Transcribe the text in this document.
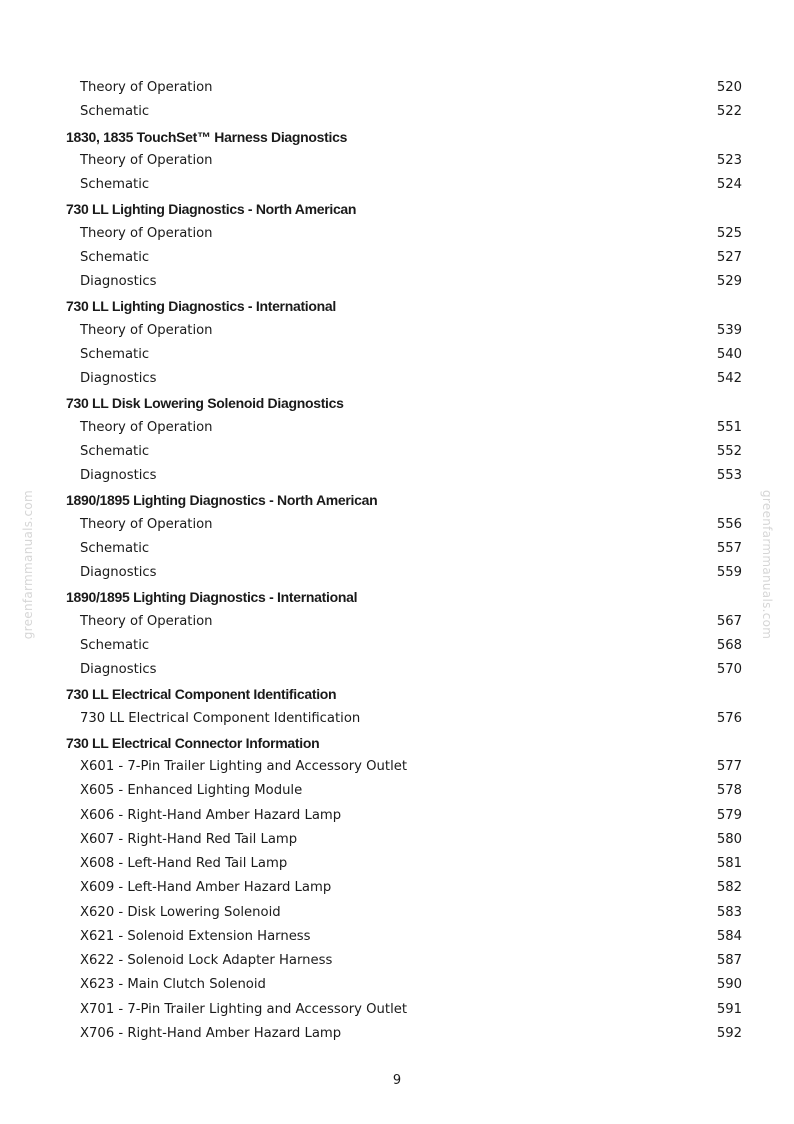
greenfarmmanuals.com	greenfarmmanuals.com
Theory of Operation	520
Schematic	522
1830, 1835 TouchSet™ Harness Diagnostics
Theory of Operation	523
Schematic	524
730 LL Lighting Diagnostics - North American
Theory of Operation	525
Schematic	527
Diagnostics	529
730 LL Lighting Diagnostics - International
Theory of Operation	539
Schematic	540
Diagnostics	542
730 LL Disk Lowering Solenoid Diagnostics
Theory of Operation	551
Schematic	552
Diagnostics	553
1890/1895 Lighting Diagnostics - North American
Theory of Operation	556
Schematic	557
Diagnostics	559
1890/1895 Lighting Diagnostics - International
Theory of Operation	567
Schematic	568
Diagnostics	570
730 LL Electrical Component Identification
730 LL Electrical Component Identification	576
730 LL Electrical Connector Information
X601 - 7-Pin Trailer Lighting and Accessory Outlet	577
X605 - Enhanced Lighting Module	578
X606 - Right-Hand Amber Hazard Lamp	579
X607 - Right-Hand Red Tail Lamp	580
X608 - Left-Hand Red Tail Lamp	581
X609 - Left-Hand Amber Hazard Lamp	582
X620 - Disk Lowering Solenoid	583
X621 - Solenoid Extension Harness	584
X622 - Solenoid Lock Adapter Harness	587
X623 - Main Clutch Solenoid	590
X701 - 7-Pin Trailer Lighting and Accessory Outlet	591
X706 - Right-Hand Amber Hazard Lamp	592
9
